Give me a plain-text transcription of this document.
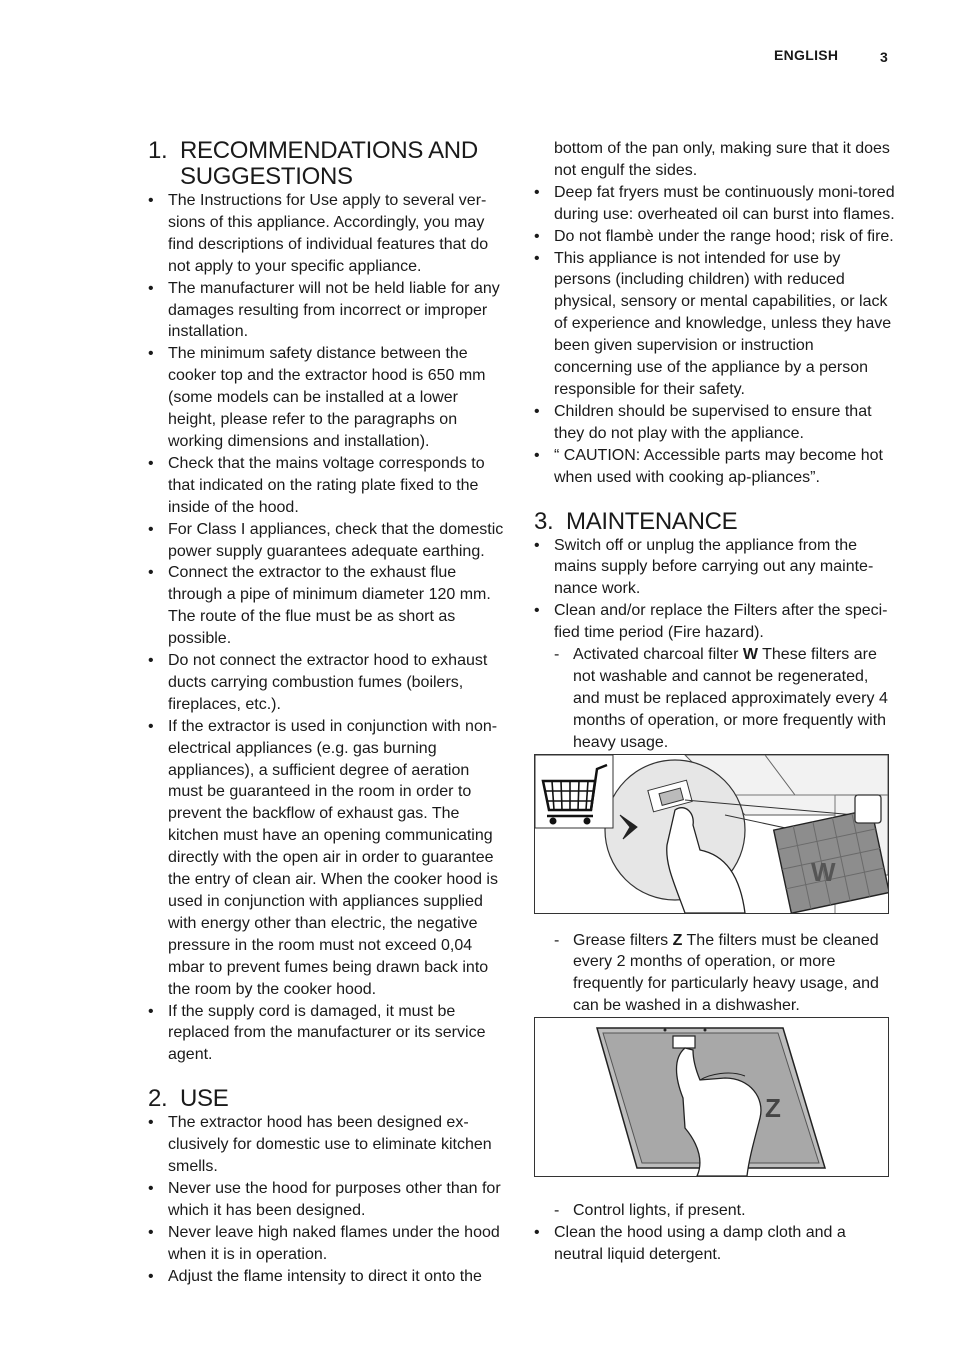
ENGLISH	3
1. RECOMMENDATIONS AND
SUGGESTIONS
• The Instructions for Use apply to several ver-sions of this appliance. Accordingly, you may find descriptions of individual features that do not apply to your specific appliance.
• The manufacturer will not be held liable for any damages resulting from incorrect or improper installation.
• The minimum safety distance between the cooker top and the extractor hood is 650 mm (some models can be installed at a lower height, please refer to the paragraphs on working dimensions and installation).
• Check that the mains voltage corresponds to that indicated on the rating plate fixed to the inside of the hood.
• For Class I appliances, check that the domestic power supply guarantees adequate earthing.
• Connect the extractor to the exhaust flue through a pipe of minimum diameter 120 mm. The route of the flue must be as short as possible.
• Do not connect the extractor hood to exhaust ducts carrying combustion fumes (boilers, fireplaces, etc.).
• If the extractor is used in conjunction with non-electrical appliances (e.g. gas burning appliances), a sufficient degree of aeration must be guaranteed in the room in order to prevent the backflow of exhaust gas. The kitchen must have an opening communicating directly with the open air in order to guarantee the entry of clean air. When the cooker hood is used in conjunction with appliances supplied with energy other than electric, the negative pressure in the room must not exceed 0,04 mbar to prevent fumes being drawn back into the room by the cooker hood.
• If the supply cord is damaged, it must be replaced from the manufacturer or its service agent.
2. USE
• The extractor hood has been designed ex-clusively for domestic use to eliminate kitchen smells.
• Never use the hood for purposes other than for which it has been designed.
• Never leave high naked flames under the hood when it is in operation.
• Adjust the flame intensity to direct it onto the
bottom of the pan only, making sure that it does not engulf the sides.
• Deep fat fryers must be continuously moni-tored during use: overheated oil can burst into flames.
• Do not flambè under the range hood; risk of fire.
• This appliance is not intended for use by persons (including children) with reduced physical, sensory or mental capabilities, or lack of experience and knowledge, unless they have been given supervision or instruction concerning use of the appliance by a person responsible for their safety.
• Children should be supervised to ensure that they do not play with the appliance.
• “ CAUTION: Accessible parts may become hot when used with cooking ap-pliances”.
3. MAINTENANCE
• Switch off or unplug the appliance from the mains supply before carrying out any mainte-nance work.
• Clean and/or replace the Filters after the speci-fied time period (Fire hazard).
- Activated charcoal filter W These filters are not washable and cannot be regenerated, and must be replaced approximately every 4 months of operation, or more frequently with heavy usage.
W
- Grease filters Z The filters must be cleaned every 2 months of operation, or more frequently for particularly heavy usage, and can be washed in a dishwasher.
Z
- Control lights, if present.
• Clean the hood using a damp cloth and a neutral liquid detergent.
